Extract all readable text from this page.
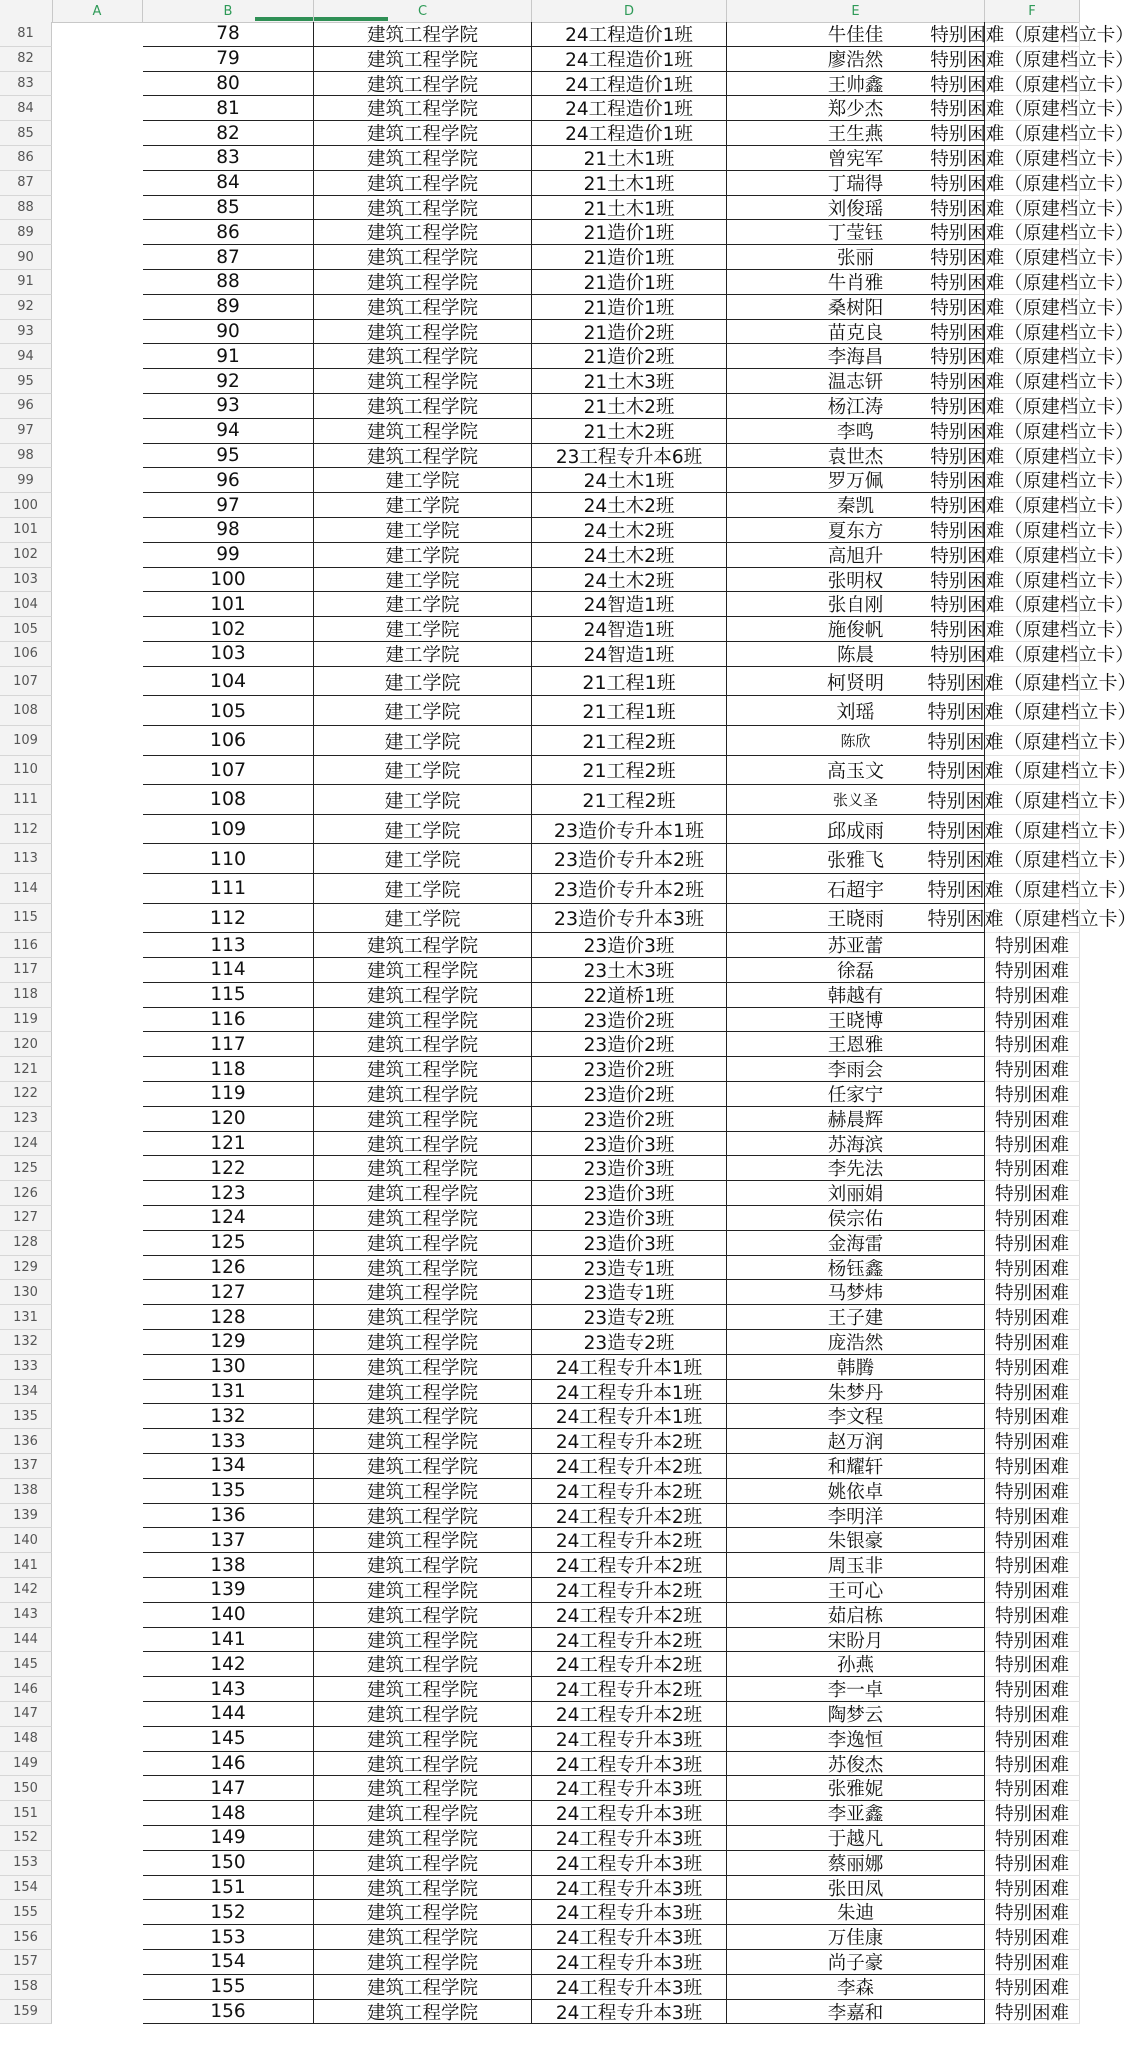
A	B	C	D	E	F
81	78	建筑工程学院	24工程造价1班	牛佳佳	特别困难（原建档立卡）
82	79	建筑工程学院	24工程造价1班	廖浩然	特别困难（原建档立卡）
83	80	建筑工程学院	24工程造价1班	王帅鑫	特别困难（原建档立卡）
84	81	建筑工程学院	24工程造价1班	郑少杰	特别困难（原建档立卡）
85	82	建筑工程学院	24工程造价1班	王生燕	特别困难（原建档立卡）
86	83	建筑工程学院	21土木1班	曾宪军	特别困难（原建档立卡）
87	84	建筑工程学院	21土木1班	丁瑞得	特别困难（原建档立卡）
88	85	建筑工程学院	21土木1班	刘俊瑶	特别困难（原建档立卡）
89	86	建筑工程学院	21造价1班	丁莹钰	特别困难（原建档立卡）
90	87	建筑工程学院	21造价1班	张丽	特别困难（原建档立卡）
91	88	建筑工程学院	21造价1班	牛肖雅	特别困难（原建档立卡）
92	89	建筑工程学院	21造价1班	桑树阳	特别困难（原建档立卡）
93	90	建筑工程学院	21造价2班	苗克良	特别困难（原建档立卡）
94	91	建筑工程学院	21造价2班	李海昌	特别困难（原建档立卡）
95	92	建筑工程学院	21土木3班	温志钘	特别困难（原建档立卡）
96	93	建筑工程学院	21土木2班	杨江涛	特别困难（原建档立卡）
97	94	建筑工程学院	21土木2班	李鸣	特别困难（原建档立卡）
98	95	建筑工程学院	23工程专升本6班	袁世杰	特别困难（原建档立卡）
99	96	建工学院	24土木1班	罗万佩	特别困难（原建档立卡）
100	97	建工学院	24土木2班	秦凯	特别困难（原建档立卡）
101	98	建工学院	24土木2班	夏东方	特别困难（原建档立卡）
102	99	建工学院	24土木2班	高旭升	特别困难（原建档立卡）
103	100	建工学院	24土木2班	张明权	特别困难（原建档立卡）
104	101	建工学院	24智造1班	张自刚	特别困难（原建档立卡）
105	102	建工学院	24智造1班	施俊帆	特别困难（原建档立卡）
106	103	建工学院	24智造1班	陈晨	特别困难（原建档立卡）
107	104	建工学院	21工程1班	柯贤明	特别困难（原建档立卡）
108	105	建工学院	21工程1班	刘瑶	特别困难（原建档立卡）
109	106	建工学院	21工程2班	陈欣	特别困难（原建档立卡）
110	107	建工学院	21工程2班	高玉文	特别困难（原建档立卡）
111	108	建工学院	21工程2班	张义圣	特别困难（原建档立卡）
112	109	建工学院	23造价专升本1班	邱成雨	特别困难（原建档立卡）
113	110	建工学院	23造价专升本2班	张雅飞	特别困难（原建档立卡）
114	111	建工学院	23造价专升本2班	石超宇	特别困难（原建档立卡）
115	112	建工学院	23造价专升本3班	王晓雨	特别困难（原建档立卡）
116	113	建筑工程学院	23造价3班	苏亚蕾	特别困难
117	114	建筑工程学院	23土木3班	徐磊	特别困难
118	115	建筑工程学院	22道桥1班	韩越有	特别困难
119	116	建筑工程学院	23造价2班	王晓博	特别困难
120	117	建筑工程学院	23造价2班	王恩雅	特别困难
121	118	建筑工程学院	23造价2班	李雨会	特别困难
122	119	建筑工程学院	23造价2班	任家宁	特别困难
123	120	建筑工程学院	23造价2班	赫晨辉	特别困难
124	121	建筑工程学院	23造价3班	苏海滨	特别困难
125	122	建筑工程学院	23造价3班	李先法	特别困难
126	123	建筑工程学院	23造价3班	刘丽娟	特别困难
127	124	建筑工程学院	23造价3班	侯宗佑	特别困难
128	125	建筑工程学院	23造价3班	金海雷	特别困难
129	126	建筑工程学院	23造专1班	杨钰鑫	特别困难
130	127	建筑工程学院	23造专1班	马梦炜	特别困难
131	128	建筑工程学院	23造专2班	王子建	特别困难
132	129	建筑工程学院	23造专2班	庞浩然	特别困难
133	130	建筑工程学院	24工程专升本1班	韩腾	特别困难
134	131	建筑工程学院	24工程专升本1班	朱梦丹	特别困难
135	132	建筑工程学院	24工程专升本1班	李文程	特别困难
136	133	建筑工程学院	24工程专升本2班	赵万润	特别困难
137	134	建筑工程学院	24工程专升本2班	和耀轩	特别困难
138	135	建筑工程学院	24工程专升本2班	姚依卓	特别困难
139	136	建筑工程学院	24工程专升本2班	李明洋	特别困难
140	137	建筑工程学院	24工程专升本2班	朱银豪	特别困难
141	138	建筑工程学院	24工程专升本2班	周玉非	特别困难
142	139	建筑工程学院	24工程专升本2班	王可心	特别困难
143	140	建筑工程学院	24工程专升本2班	茹启栋	特别困难
144	141	建筑工程学院	24工程专升本2班	宋盼月	特别困难
145	142	建筑工程学院	24工程专升本2班	孙燕	特别困难
146	143	建筑工程学院	24工程专升本2班	李一卓	特别困难
147	144	建筑工程学院	24工程专升本2班	陶梦云	特别困难
148	145	建筑工程学院	24工程专升本3班	李逸恒	特别困难
149	146	建筑工程学院	24工程专升本3班	苏俊杰	特别困难
150	147	建筑工程学院	24工程专升本3班	张雅妮	特别困难
151	148	建筑工程学院	24工程专升本3班	李亚鑫	特别困难
152	149	建筑工程学院	24工程专升本3班	于越凡	特别困难
153	150	建筑工程学院	24工程专升本3班	蔡丽娜	特别困难
154	151	建筑工程学院	24工程专升本3班	张田凤	特别困难
155	152	建筑工程学院	24工程专升本3班	朱迪	特别困难
156	153	建筑工程学院	24工程专升本3班	万佳康	特别困难
157	154	建筑工程学院	24工程专升本3班	尚子豪	特别困难
158	155	建筑工程学院	24工程专升本3班	李森	特别困难
159	156	建筑工程学院	24工程专升本3班	李嘉和	特别困难
